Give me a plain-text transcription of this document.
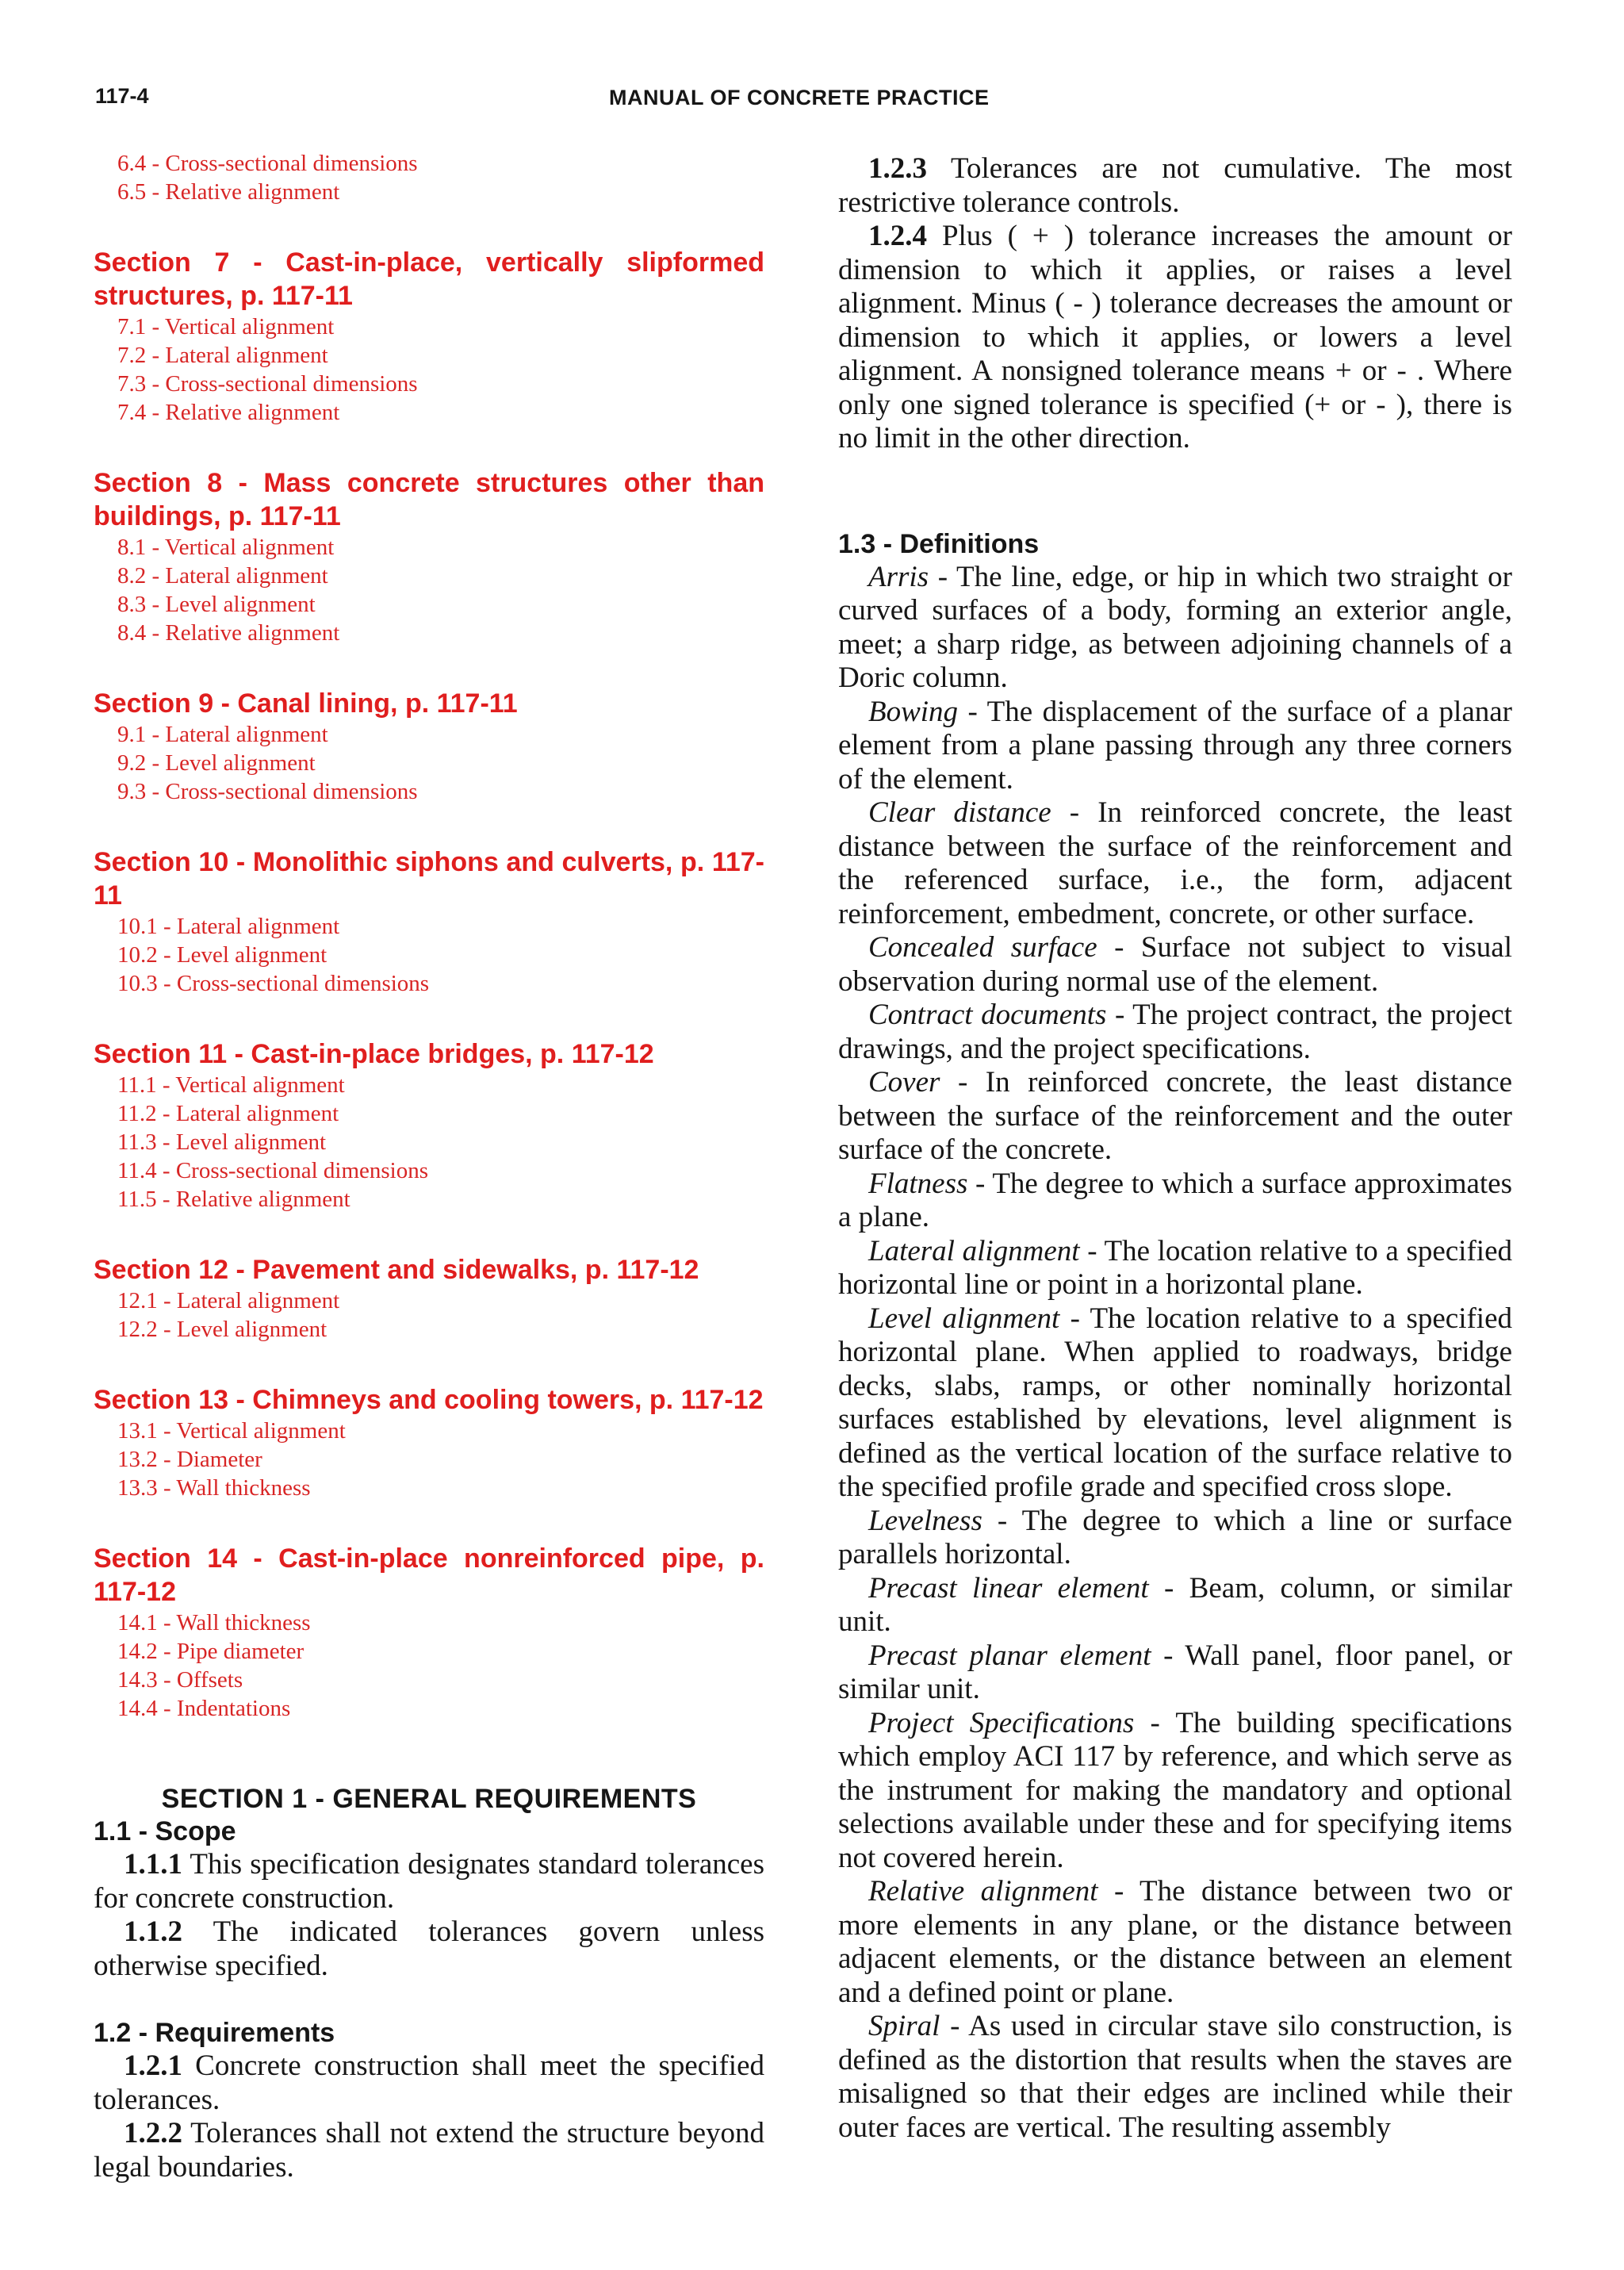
117-4	MANUAL OF CONCRETE PRACTICE
6.4 - Cross-sectional dimensions
6.5 - Relative alignment
Section 7 - Cast-in-place, vertically slipformed structures, p. 117-11
7.1 - Vertical alignment
7.2 - Lateral alignment
7.3 - Cross-sectional dimensions
7.4 - Relative alignment
Section 8 - Mass concrete structures other than buildings, p. 117-11
8.1 - Vertical alignment
8.2 - Lateral alignment
8.3 - Level alignment
8.4 - Relative alignment
Section 9 - Canal lining, p. 117-11
9.1 - Lateral alignment
9.2 - Level alignment
9.3 - Cross-sectional dimensions
Section 10 - Monolithic siphons and culverts, p. 117-11
10.1 - Lateral alignment
10.2 - Level alignment
10.3 - Cross-sectional dimensions
Section 11 - Cast-in-place bridges, p. 117-12
11.1 - Vertical alignment
11.2 - Lateral alignment
11.3 - Level alignment
11.4 - Cross-sectional dimensions
11.5 - Relative alignment
Section 12 - Pavement and sidewalks, p. 117-12
12.1 - Lateral alignment
12.2 - Level alignment
Section 13 - Chimneys and cooling towers, p. 117-12
13.1 - Vertical alignment
13.2 - Diameter
13.3 - Wall thickness
Section 14 - Cast-in-place nonreinforced pipe, p. 117-12
14.1 - Wall thickness
14.2 - Pipe diameter
14.3 - Offsets
14.4 - Indentations
SECTION 1 - GENERAL REQUIREMENTS
1.1 - Scope

1.1.1 This specification designates standard tolerances for concrete construction.

1.1.2 The indicated tolerances govern unless otherwise specified.

1.2 - Requirements

1.2.1 Concrete construction shall meet the specified tolerances.

1.2.2 Tolerances shall not extend the structure beyond legal boundaries.

1.2.3 Tolerances are not cumulative. The most restrictive tolerance controls.

1.2.4 Plus ( + ) tolerance increases the amount or dimension to which it applies, or raises a level alignment. Minus ( - ) tolerance decreases the amount or dimension to which it applies, or lowers a level alignment. A nonsigned tolerance means + or - . Where only one signed tolerance is specified (+ or - ), there is no limit in the other direction.

1.3 - Definitions

Arris - The line, edge, or hip in which two straight or curved surfaces of a body, forming an exterior angle, meet; a sharp ridge, as between adjoining channels of a Doric column.

Bowing - The displacement of the surface of a planar element from a plane passing through any three corners of the element.

Clear distance - In reinforced concrete, the least distance between the surface of the reinforcement and the referenced surface, i.e., the form, adjacent reinforcement, embedment, concrete, or other surface.

Concealed surface - Surface not subject to visual observation during normal use of the element.

Contract documents - The project contract, the project drawings, and the project specifications.

Cover - In reinforced concrete, the least distance between the surface of the reinforcement and the outer surface of the concrete.

Flatness - The degree to which a surface approximates a plane.

Lateral alignment - The location relative to a specified horizontal line or point in a horizontal plane.

Level alignment - The location relative to a specified horizontal plane. When applied to roadways, bridge decks, slabs, ramps, or other nominally horizontal surfaces established by elevations, level alignment is defined as the vertical location of the surface relative to the specified profile grade and specified cross slope.

Levelness - The degree to which a line or surface parallels horizontal.

Precast linear element - Beam, column, or similar unit.

Precast planar element - Wall panel, floor panel, or similar unit.

Project Specifications - The building specifications which employ ACI 117 by reference, and which serve as the instrument for making the mandatory and optional selections available under these and for specifying items not covered herein.

Relative alignment - The distance between two or more elements in any plane, or the distance between adjacent elements, or the distance between an element and a defined point or plane.

Spiral - As used in circular stave silo construction, is defined as the distortion that results when the staves are misaligned so that their edges are inclined while their outer faces are vertical. The resulting assembly
